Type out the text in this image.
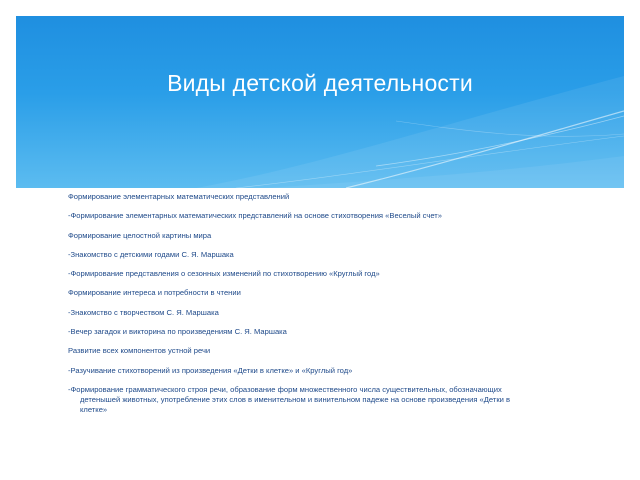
Виды детской деятельности
Формирование элементарных математических представлений
-Формирование элементарных математических представлений на основе стихотворения «Веселый счет»
Формирование целостной картины мира
-Знакомство с детскими годами С. Я. Маршака
-Формирование представления о сезонных изменений по стихотворению «Круглый год»
Формирование интереса и потребности в чтении
-Знакомство с творчеством С. Я. Маршака
-Вечер загадок и викторина по произведениям С. Я. Маршака
Развитие всех компонентов устной речи
-Разучивание стихотворений из произведения «Детки в клетке» и «Круглый год»
-Формирование грамматического строя речи, образование форм множественного числа существительных, обозначающих детенышей животных, употребление этих слов в именительном и винительном падеже на основе произведения «Детки в клетке»
